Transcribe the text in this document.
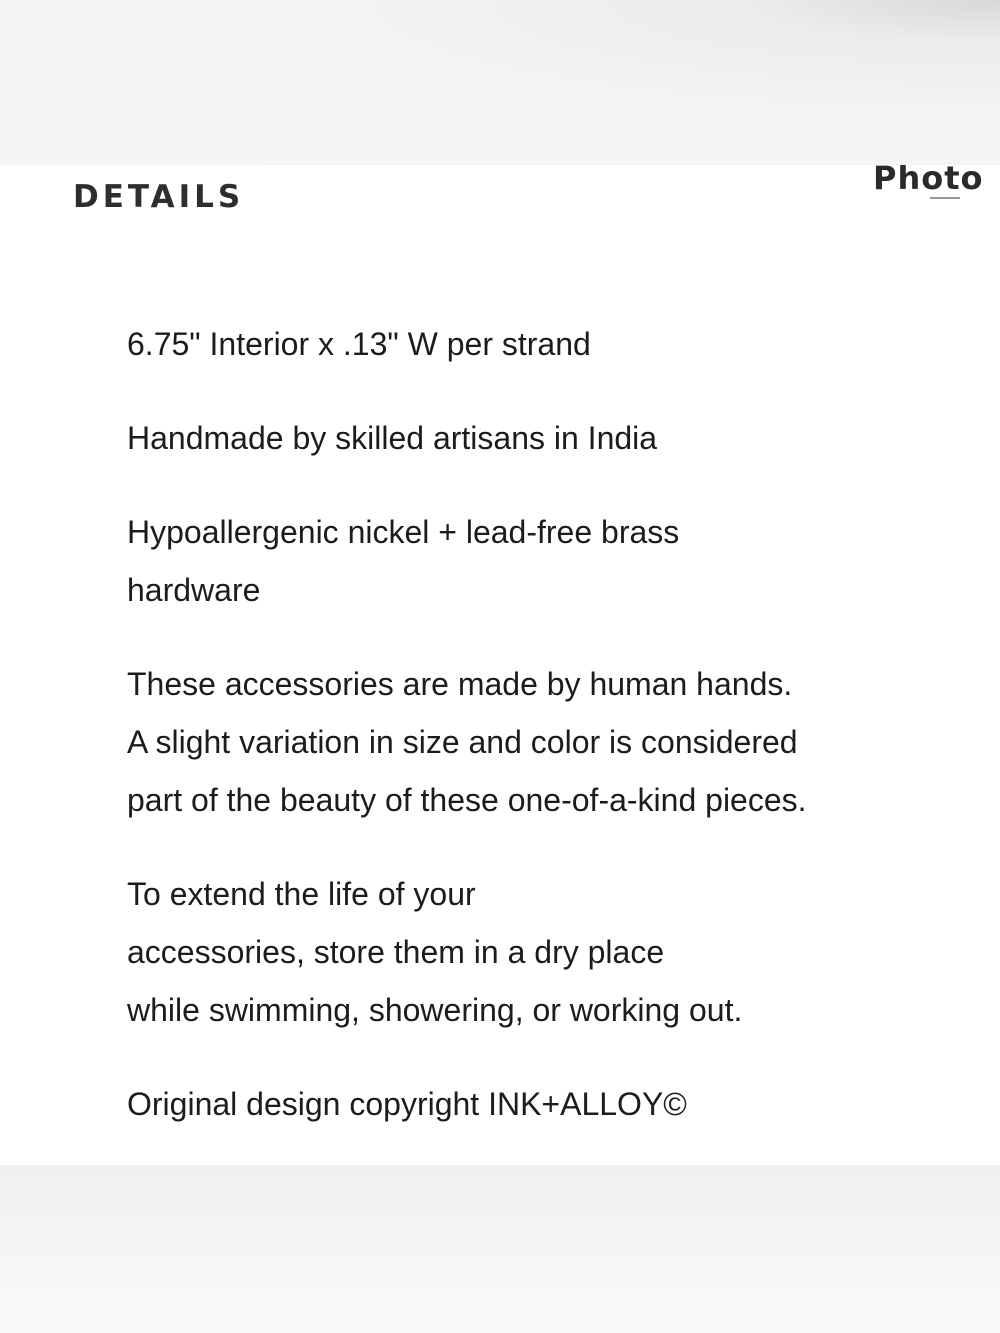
DETAILS	Photo

6.75" Interior x .13" W per strand

Handmade by skilled artisans in India

Hypoallergenic nickel + lead-free brass
hardware

These accessories are made by human hands.
A slight variation in size and color is considered
part of the beauty of these one-of-a-kind pieces.

To extend the life of your
accessories, store them in a dry place
while swimming, showering, or working out.

Original design copyright INK+ALLOY©
